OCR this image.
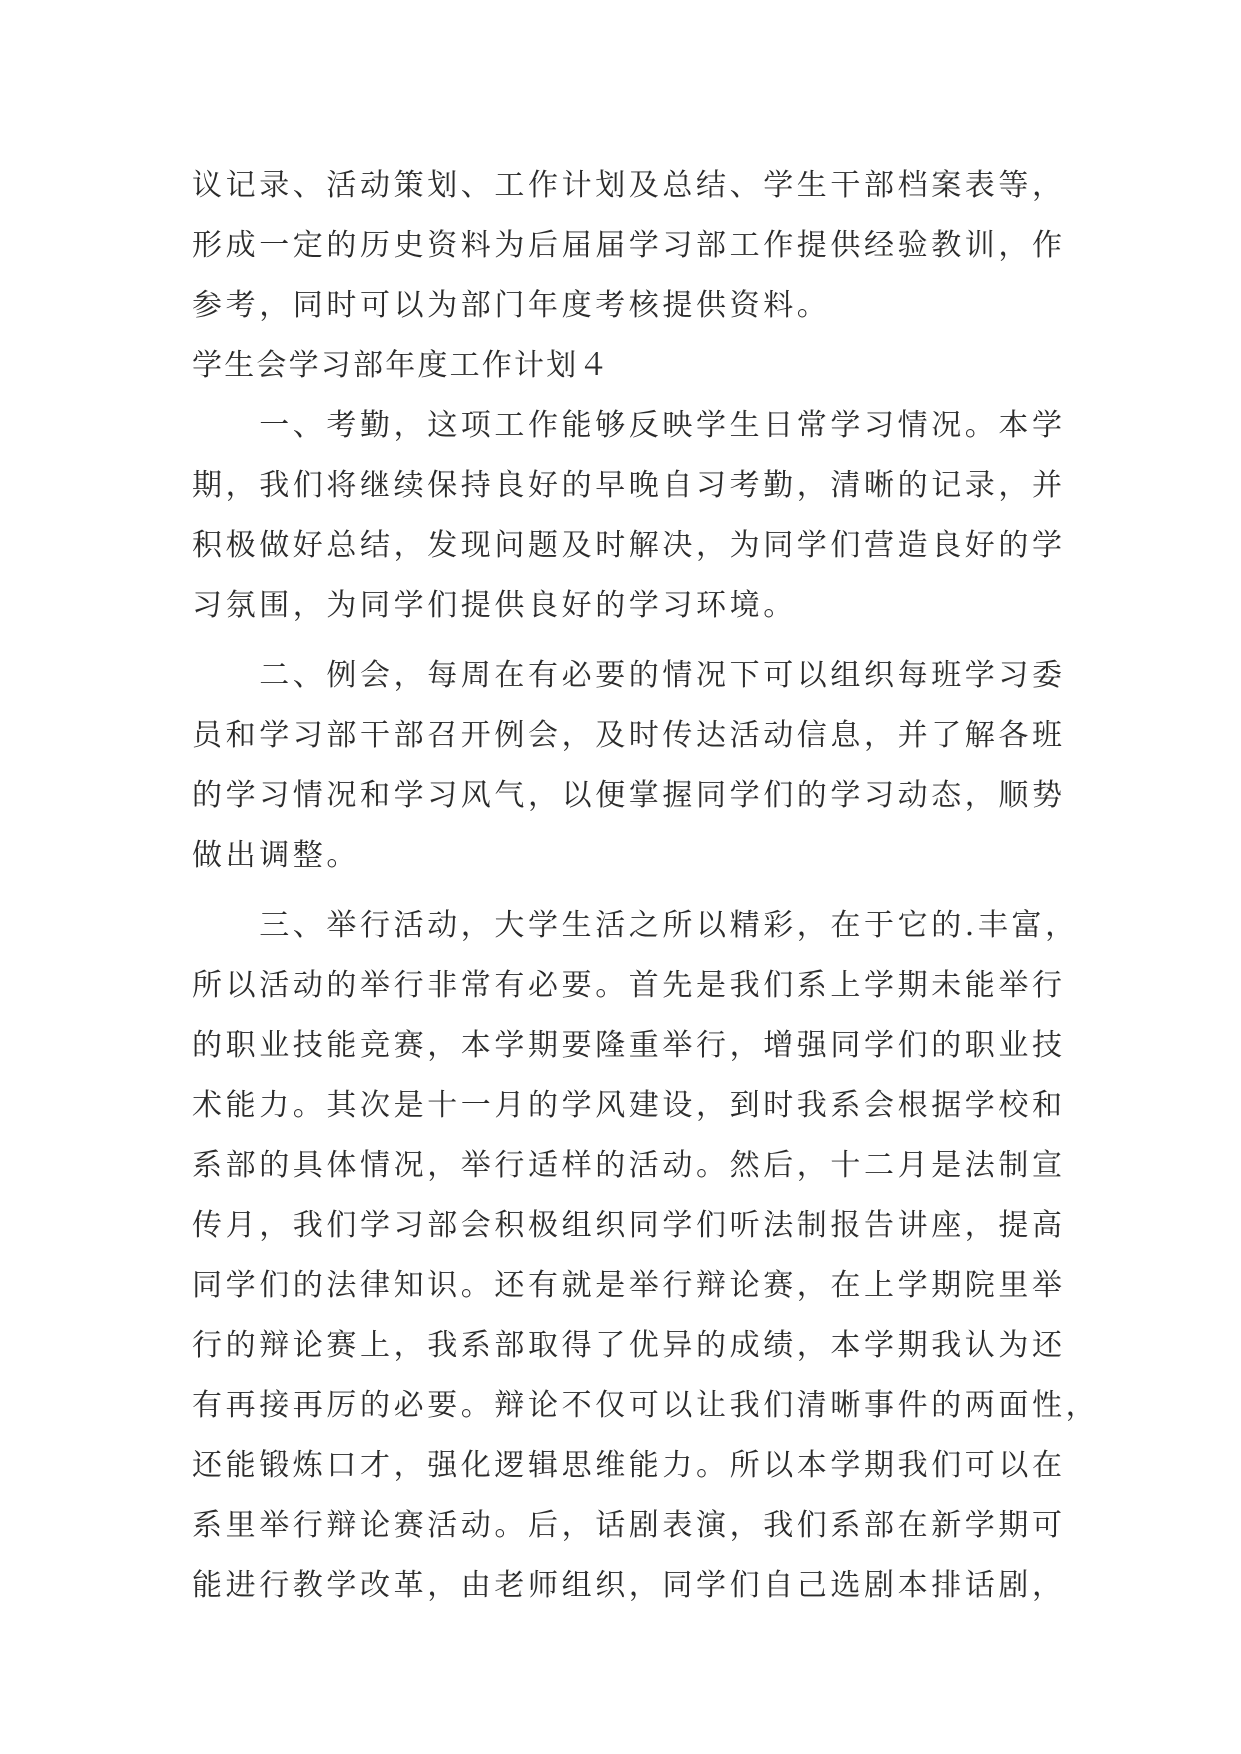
议记录、活动策划、工作计划及总结、学生干部档案表等，
形成一定的历史资料为后届届学习部工作提供经验教训，作
参考，同时可以为部门年度考核提供资料。
学生会学习部年度工作计划４
　　一、考勤，这项工作能够反映学生日常学习情况。本学
期，我们将继续保持良好的早晚自习考勤，清晰的记录，并
积极做好总结，发现问题及时解决，为同学们营造良好的学
习氛围，为同学们提供良好的学习环境。
　　二、例会，每周在有必要的情况下可以组织每班学习委
员和学习部干部召开例会，及时传达活动信息，并了解各班
的学习情况和学习风气，以便掌握同学们的学习动态，顺势
做出调整。
　　三、举行活动，大学生活之所以精彩，在于它的.丰富，
所以活动的举行非常有必要。首先是我们系上学期未能举行
的职业技能竞赛，本学期要隆重举行，增强同学们的职业技
术能力。其次是十一月的学风建设，到时我系会根据学校和
系部的具体情况，举行适样的活动。然后，十二月是法制宣
传月，我们学习部会积极组织同学们听法制报告讲座，提高
同学们的法律知识。还有就是举行辩论赛，在上学期院里举
行的辩论赛上，我系部取得了优异的成绩，本学期我认为还
有再接再厉的必要。辩论不仅可以让我们清晰事件的两面性，
还能锻炼口才，强化逻辑思维能力。所以本学期我们可以在
系里举行辩论赛活动。后，话剧表演，我们系部在新学期可
能进行教学改革，由老师组织，同学们自己选剧本排话剧，
